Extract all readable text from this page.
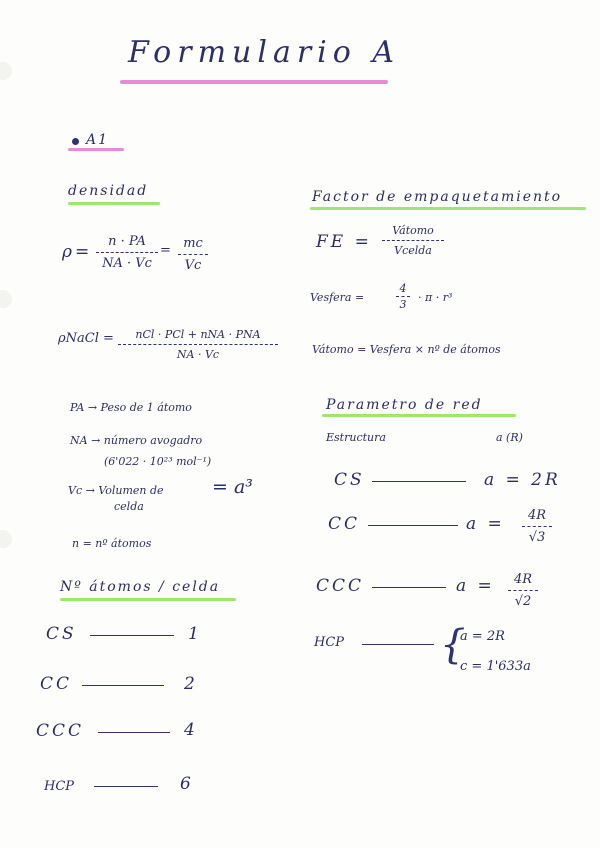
Formulario A
A1
densidad
ρ=
n · PA
NA · Vc
= mc
Vc
ρNaCl =	nCl · PCl + nNA · PNA
NA · Vc
PA → Peso de 1 átomo
NA → número avogadro
(6'022 · 10²³ mol⁻¹)
Vc → Volumen de	= a³
celda
n = nº átomos
Nº átomos / celda
CS	1
CC	2
CCC	4
HCP	6
Factor de empaquetamiento
FE =
Vátomo
Vcelda
Vesfera =
4
3
· π · r³
Vátomo = Vesfera × nº de átomos
Parametro de red
Estructura	a (R)
CS	a = 2R
CC	a =	4R
√3
CCC	a =	4R
√2
HCP {
a = 2R
c = 1'633a
